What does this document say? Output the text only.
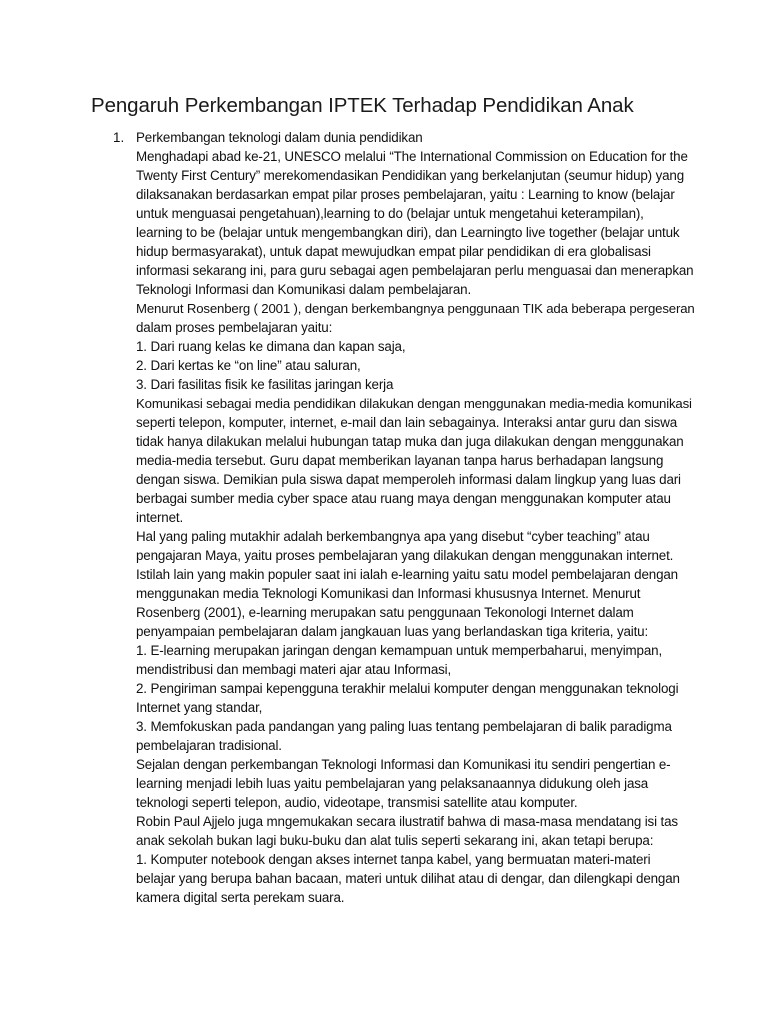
Pengaruh Perkembangan IPTEK Terhadap Pendidikan Anak
1. Perkembangan teknologi dalam dunia pendidikan
Menghadapi abad ke-21, UNESCO melalui “The International Commission on Education for the
Twenty First Century” merekomendasikan Pendidikan yang berkelanjutan (seumur hidup) yang
dilaksanakan berdasarkan empat pilar proses pembelajaran, yaitu : Learning to know (belajar
untuk menguasai pengetahuan),learning to do (belajar untuk mengetahui keterampilan),
learning to be (belajar untuk mengembangkan diri), dan Learningto live together (belajar untuk
hidup bermasyarakat), untuk dapat mewujudkan empat pilar pendidikan di era globalisasi
informasi sekarang ini, para guru sebagai agen pembelajaran perlu menguasai dan menerapkan
Teknologi Informasi dan Komunikasi dalam pembelajaran.
Menurut Rosenberg ( 2001 ), dengan berkembangnya penggunaan TIK ada beberapa pergeseran
dalam proses pembelajaran yaitu:
1. Dari ruang kelas ke dimana dan kapan saja,
2. Dari kertas ke “on line” atau saluran,
3. Dari fasilitas fisik ke fasilitas jaringan kerja
Komunikasi sebagai media pendidikan dilakukan dengan menggunakan media-media komunikasi
seperti telepon, komputer, internet, e-mail dan lain sebagainya. Interaksi antar guru dan siswa
tidak hanya dilakukan melalui hubungan tatap muka dan juga dilakukan dengan menggunakan
media-media tersebut. Guru dapat memberikan layanan tanpa harus berhadapan langsung
dengan siswa. Demikian pula siswa dapat memperoleh informasi dalam lingkup yang luas dari
berbagai sumber media cyber space atau ruang maya dengan menggunakan komputer atau
internet.
Hal yang paling mutakhir adalah berkembangnya apa yang disebut “cyber teaching” atau
pengajaran Maya, yaitu proses pembelajaran yang dilakukan dengan menggunakan internet.
Istilah lain yang makin populer saat ini ialah e-learning yaitu satu model pembelajaran dengan
menggunakan media Teknologi Komunikasi dan Informasi khususnya Internet. Menurut
Rosenberg (2001), e-learning merupakan satu penggunaan Tekonologi Internet dalam
penyampaian pembelajaran dalam jangkauan luas yang berlandaskan tiga kriteria, yaitu:
1. E-learning merupakan jaringan dengan kemampuan untuk memperbaharui, menyimpan,
mendistribusi dan membagi materi ajar atau Informasi,
2. Pengiriman sampai kepengguna terakhir melalui komputer dengan menggunakan teknologi
Internet yang standar,
3. Memfokuskan pada pandangan yang paling luas tentang pembelajaran di balik paradigma
pembelajaran tradisional.
Sejalan dengan perkembangan Teknologi Informasi dan Komunikasi itu sendiri pengertian e-
learning menjadi lebih luas yaitu pembelajaran yang pelaksanaannya didukung oleh jasa
teknologi seperti telepon, audio, videotape, transmisi satellite atau komputer.
Robin Paul Ajjelo juga mngemukakan secara ilustratif bahwa di masa-masa mendatang isi tas
anak sekolah bukan lagi buku-buku dan alat tulis seperti sekarang ini, akan tetapi berupa:
1. Komputer notebook dengan akses internet tanpa kabel, yang bermuatan materi-materi
belajar yang berupa bahan bacaan, materi untuk dilihat atau di dengar, dan dilengkapi dengan
kamera digital serta perekam suara.
